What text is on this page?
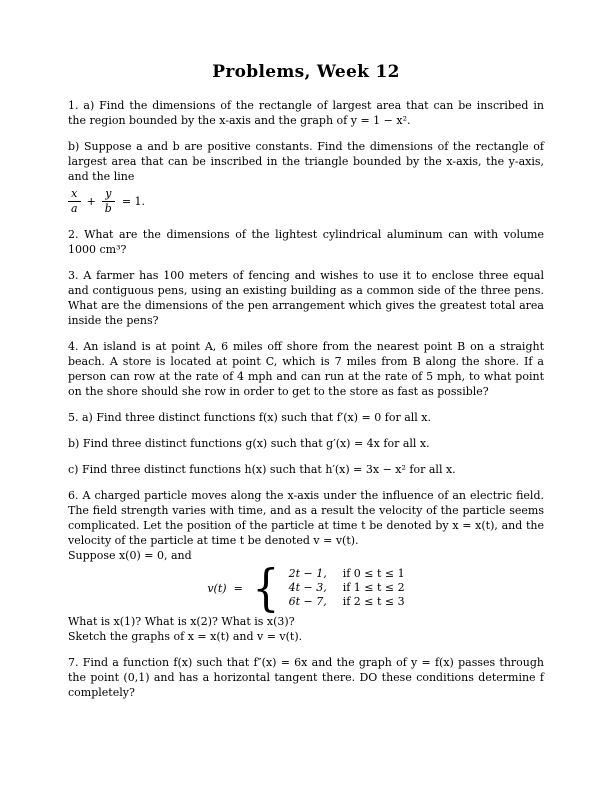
Problems, Week 12

1. a) Find the dimensions of the rectangle of largest area that can be inscribed in the region bounded by the x-axis and the graph of y = 1 − x².

b) Suppose a and b are positive constants. Find the dimensions of the rectangle of largest area that can be inscribed in the triangle bounded by the x-axis, the y-axis, and the line

$\frac{x}{a} + \frac{y}{b} = 1$.

2. What are the dimensions of the lightest cylindrical aluminum can with volume 1000 cm³?

3. A farmer has 100 meters of fencing and wishes to use it to enclose three equal and contiguous pens, using an existing building as a common side of the three pens. What are the dimensions of the pen arrangement which gives the greatest total area inside the pens?

4. An island is at point A, 6 miles off shore from the nearest point B on a straight beach. A store is located at point C, which is 7 miles from B along the shore. If a person can row at the rate of 4 mph and can run at the rate of 5 mph, to what point on the shore should she row in order to get to the store as fast as possible?

5. a) Find three distinct functions f(x) such that f′(x) = 0 for all x.

b) Find three distinct functions g(x) such that g′(x) = 4x for all x.

c) Find three distinct functions h(x) such that h′(x) = 3x − x² for all x.

6. A charged particle moves along the x-axis under the influence of an electric field. The field strength varies with time, and as a result the velocity of the particle seems complicated. Let the position of the particle at time t be denoted by x = x(t), and the velocity of the particle at time t be denoted v = v(t).

Suppose x(0) = 0, and

v(t) = { 2t − 1, if 0 ≤ t ≤ 1
4t − 3, if 1 ≤ t ≤ 2
6t − 7, if 2 ≤ t ≤ 3

What is x(1)? What is x(2)? What is x(3)?

Sketch the graphs of x = x(t) and v = v(t).

7. Find a function f(x) such that f″(x) = 6x and the graph of y = f(x) passes through the point (0,1) and has a horizontal tangent there. DO these conditions determine f completely?
